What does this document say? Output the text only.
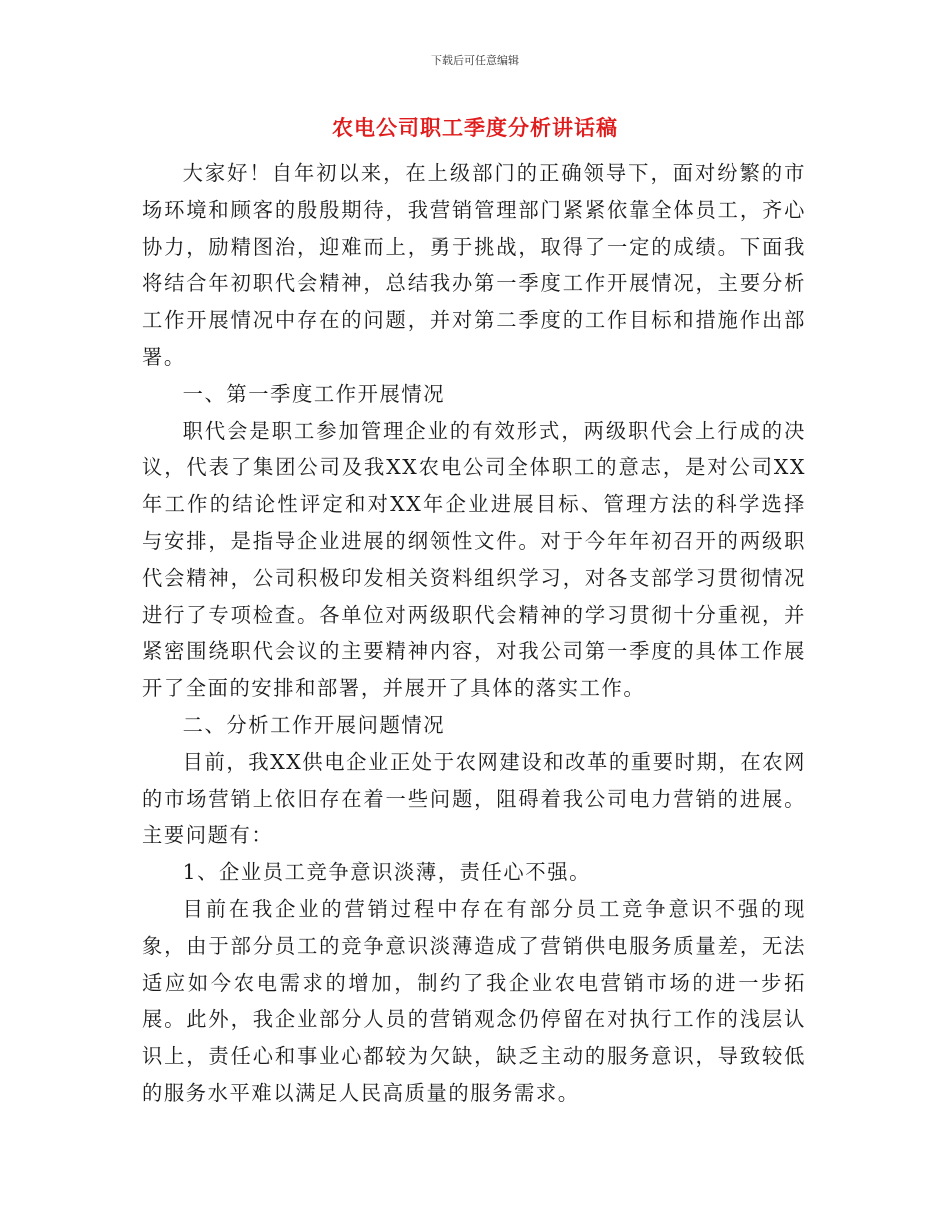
下载后可任意编辑
农电公司职工季度分析讲话稿

大家好！自年初以来，在上级部门的正确领导下，面对纷繁的市场环境和顾客的殷殷期待，我营销管理部门紧紧依靠全体员工，齐心协力，励精图治，迎难而上，勇于挑战，取得了一定的成绩。下面我将结合年初职代会精神，总结我办第一季度工作开展情况，主要分析工作开展情况中存在的问题，并对第二季度的工作目标和措施作出部署。

一、第一季度工作开展情况

职代会是职工参加管理企业的有效形式，两级职代会上行成的决议，代表了集团公司及我XX农电公司全体职工的意志，是对公司XX年工作的结论性评定和对XX年企业进展目标、管理方法的科学选择与安排，是指导企业进展的纲领性文件。对于今年年初召开的两级职代会精神，公司积极印发相关资料组织学习，对各支部学习贯彻情况进行了专项检查。各单位对两级职代会精神的学习贯彻十分重视，并紧密围绕职代会议的主要精神内容，对我公司第一季度的具体工作展开了全面的安排和部署，并展开了具体的落实工作。

二、分析工作开展问题情况

目前，我XX供电企业正处于农网建设和改革的重要时期，在农网的市场营销上依旧存在着一些问题，阻碍着我公司电力营销的进展。主要问题有：

1、企业员工竞争意识淡薄，责任心不强。

目前在我企业的营销过程中存在有部分员工竞争意识不强的现象，由于部分员工的竞争意识淡薄造成了营销供电服务质量差，无法适应如今农电需求的增加，制约了我企业农电营销市场的进一步拓展。此外，我企业部分人员的营销观念仍停留在对执行工作的浅层认识上，责任心和事业心都较为欠缺，缺乏主动的服务意识，导致较低的服务水平难以满足人民高质量的服务需求。
